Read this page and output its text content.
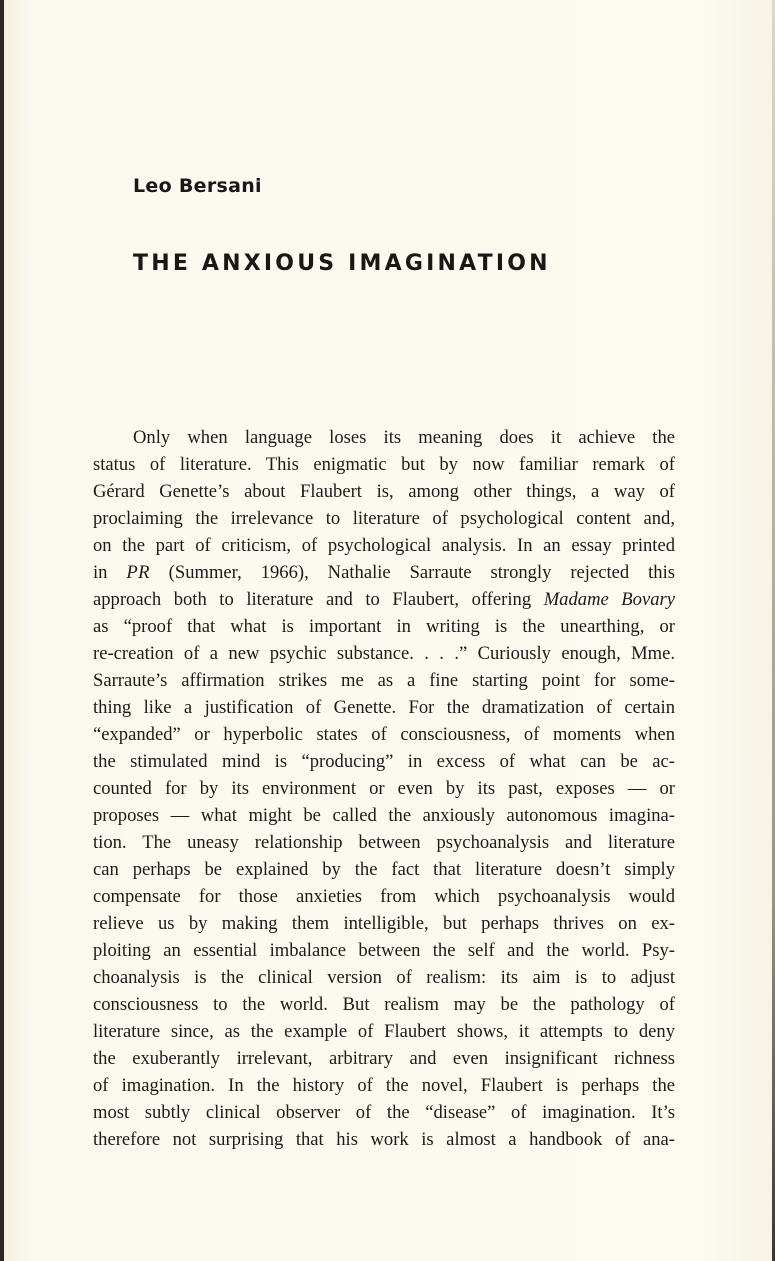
Leo Bersani
THE ANXIOUS IMAGINATION
Only when language loses its meaning does it achieve the
status of literature. This enigmatic but by now familiar remark of
Gérard Genette’s about Flaubert is, among other things, a way of
proclaiming the irrelevance to literature of psychological content and,
on the part of criticism, of psychological analysis. In an essay printed
in PR (Summer, 1966), Nathalie Sarraute strongly rejected this
approach both to literature and to Flaubert, offering Madame Bovary
as “proof that what is important in writing is the unearthing, or
re-creation of a new psychic substance. . . .” Curiously enough, Mme.
Sarraute’s affirmation strikes me as a fine starting point for some-
thing like a justification of Genette. For the dramatization of certain
“expanded” or hyperbolic states of consciousness, of moments when
the stimulated mind is “producing” in excess of what can be ac-
counted for by its environment or even by its past, exposes — or
proposes — what might be called the anxiously autonomous imagina-
tion. The uneasy relationship between psychoanalysis and literature
can perhaps be explained by the fact that literature doesn’t simply
compensate for those anxieties from which psychoanalysis would
relieve us by making them intelligible, but perhaps thrives on ex-
ploiting an essential imbalance between the self and the world. Psy-
choanalysis is the clinical version of realism: its aim is to adjust
consciousness to the world. But realism may be the pathology of
literature since, as the example of Flaubert shows, it attempts to deny
the exuberantly irrelevant, arbitrary and even insignificant richness
of imagination. In the history of the novel, Flaubert is perhaps the
most subtly clinical observer of the “disease” of imagination. It’s
therefore not surprising that his work is almost a handbook of ana-
